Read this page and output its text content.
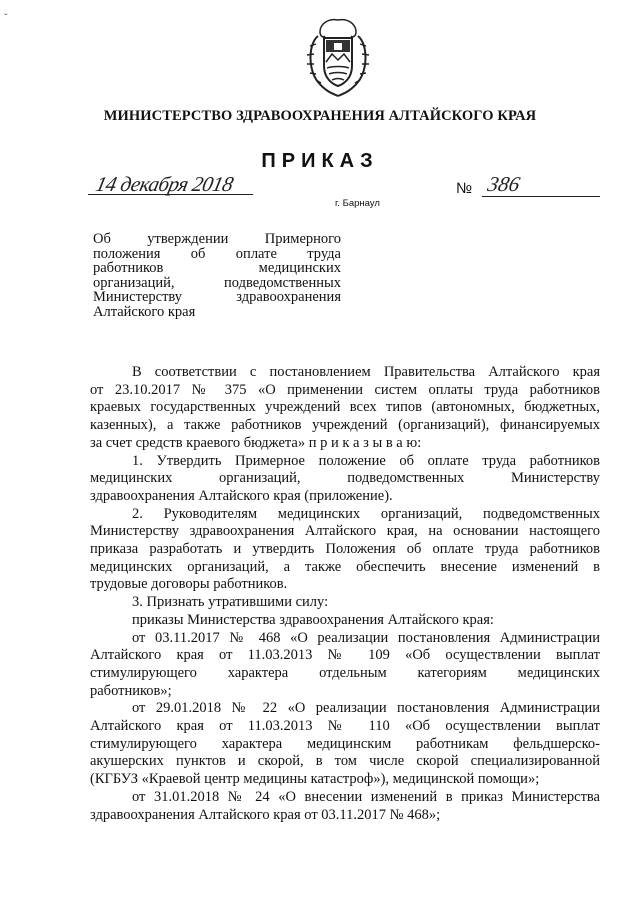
ˇ
МИНИСТЕРСТВО ЗДРАВООХРАНЕНИЯ АЛТАЙСКОГО КРАЯ
ПРИКАЗ
14 декабря 2018
г. Барнаул
№ 386
Об утверждении Примерного
положения об оплате труда
работников медицинских
организаций, подведомственных
Министерству здравоохранения
Алтайского края
В соответствии с постановлением Правительства Алтайского края
от 23.10.2017 № 375 «О применении систем оплаты труда работников
краевых государственных учреждений всех типов (автономных, бюджетных,
казенных), а также работников учреждений (организаций), финансируемых
за счет средств краевого бюджета» п р и к а з ы в а ю:
1. Утвердить Примерное положение об оплате труда работников
медицинских организаций, подведомственных Министерству
здравоохранения Алтайского края (приложение).
2. Руководителям медицинских организаций, подведомственных
Министерству здравоохранения Алтайского края, на основании настоящего
приказа разработать и утвердить Положения об оплате труда работников
медицинских организаций, а также обеспечить внесение изменений в
трудовые договоры работников.
3. Признать утратившими силу:
приказы Министерства здравоохранения Алтайского края:
от 03.11.2017 № 468 «О реализации постановления Администрации
Алтайского края от 11.03.2013 № 109 «Об осуществлении выплат
стимулирующего характера отдельным категориям медицинских
работников»;
от 29.01.2018 № 22 «О реализации постановления Администрации
Алтайского края от 11.03.2013 № 110 «Об осуществлении выплат
стимулирующего характера медицинским работникам фельдшерско-
акушерских пунктов и скорой, в том числе скорой специализированной
(КГБУЗ «Краевой центр медицины катастроф»), медицинской помощи»;
от 31.01.2018 № 24 «О внесении изменений в приказ Министерства
здравоохранения Алтайского края от 03.11.2017 № 468»;
